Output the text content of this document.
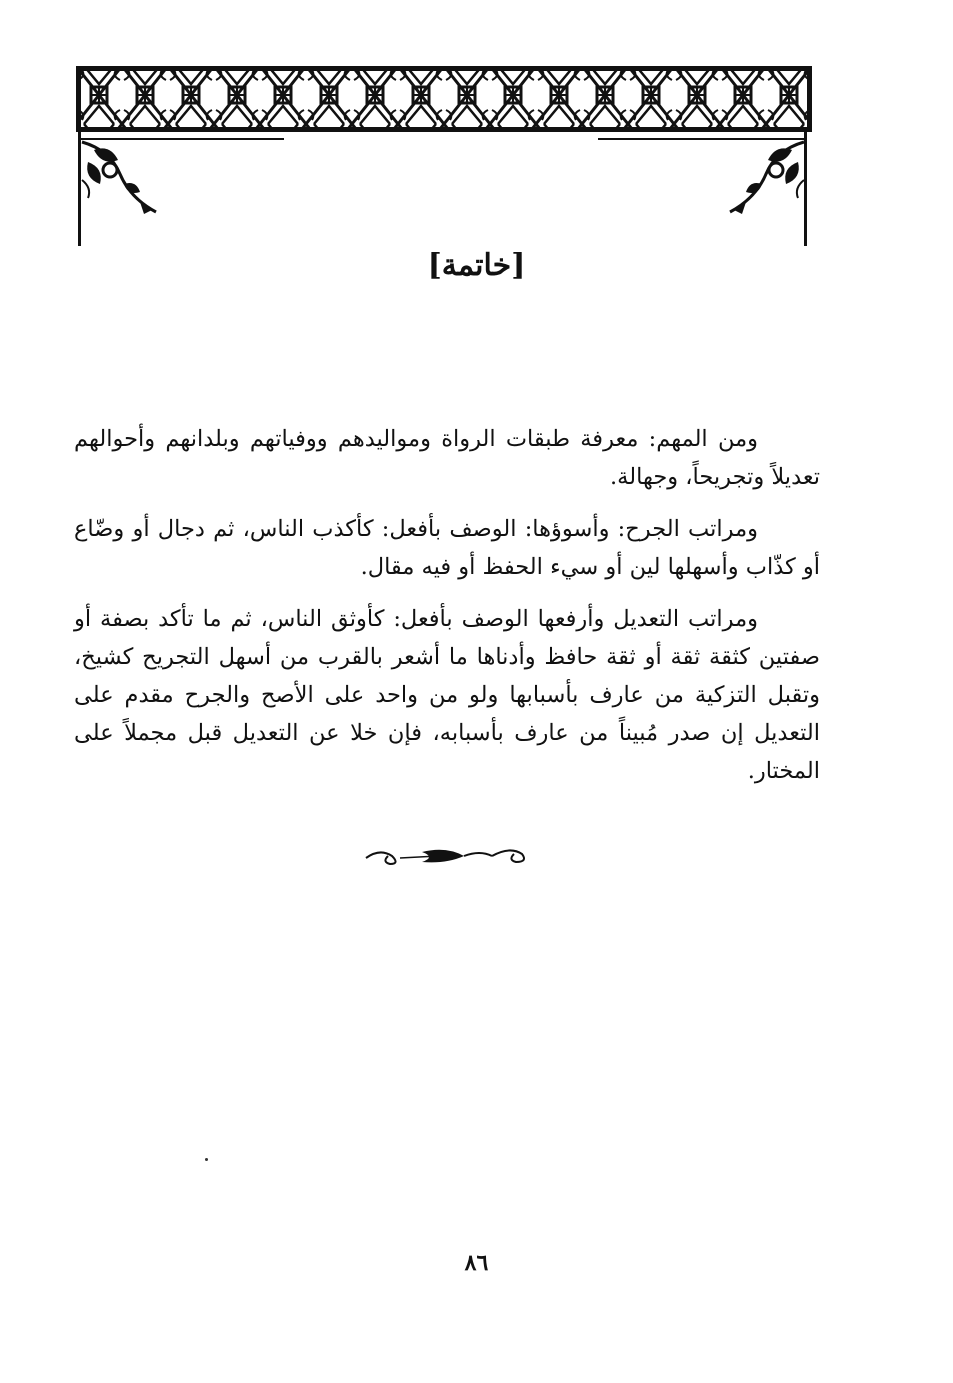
[خاتمة]

ومن المهم: معرفة طبقات الرواة ومواليدهم ووفياتهم وبلدانهم وأحوالهم تعديلاً وتجريحاً، وجهالة.

ومراتب الجرح: وأسوؤها: الوصف بأفعل: كأكذب الناس، ثم دجال أو وضّاع أو كذّاب وأسهلها لين أو سيء الحفظ أو فيه مقال.

ومراتب التعديل وأرفعها الوصف بأفعل: كأوثق الناس، ثم ما تأكد بصفة أو صفتين كثقة ثقة أو ثقة حافظ وأدناها ما أشعر بالقرب من أسهل التجريح كشيخ، وتقبل التزكية من عارف بأسبابها ولو من واحد على الأصح والجرح مقدم على التعديل إن صدر مُبيناً من عارف بأسبابه، فإن خلا عن التعديل قبل مجملاً على المختار.

٨٦
